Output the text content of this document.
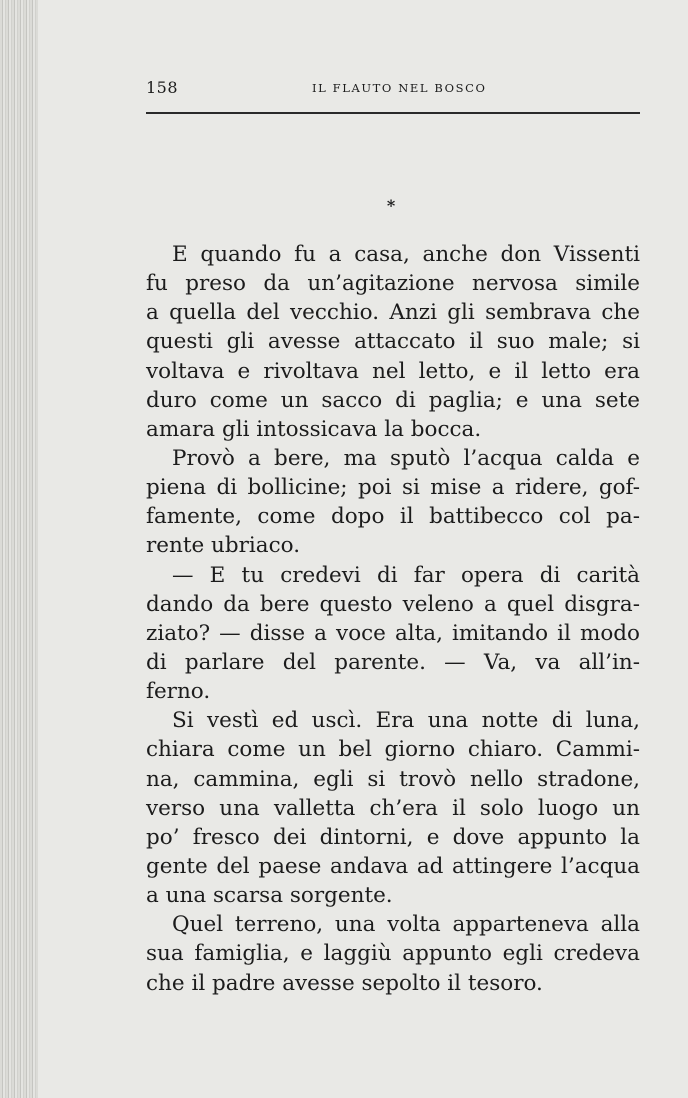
158	IL FLAUTO NEL BOSCO
*
E quando fu a casa, anche don Vissenti
fu preso da un’agitazione nervosa simile
a quella del vecchio. Anzi gli sembrava che
questi gli avesse attaccato il suo male; si
voltava e rivoltava nel letto, e il letto era
duro come un sacco di paglia; e una sete
amara gli intossicava la bocca.
Provò a bere, ma sputò l’acqua calda e
piena di bollicine; poi si mise a ridere, gof-
famente, come dopo il battibecco col pa-
rente ubriaco.
— E tu credevi di far opera di carità
dando da bere questo veleno a quel disgra-
ziato? — disse a voce alta, imitando il modo
di parlare del parente. — Va, va all’in-
ferno.
Si vestì ed uscì. Era una notte di luna,
chiara come un bel giorno chiaro. Cammi-
na, cammina, egli si trovò nello stradone,
verso una valletta ch’era il solo luogo un
po’ fresco dei dintorni, e dove appunto la
gente del paese andava ad attingere l’acqua
a una scarsa sorgente.
Quel terreno, una volta apparteneva alla
sua famiglia, e laggiù appunto egli credeva
che il padre avesse sepolto il tesoro.
